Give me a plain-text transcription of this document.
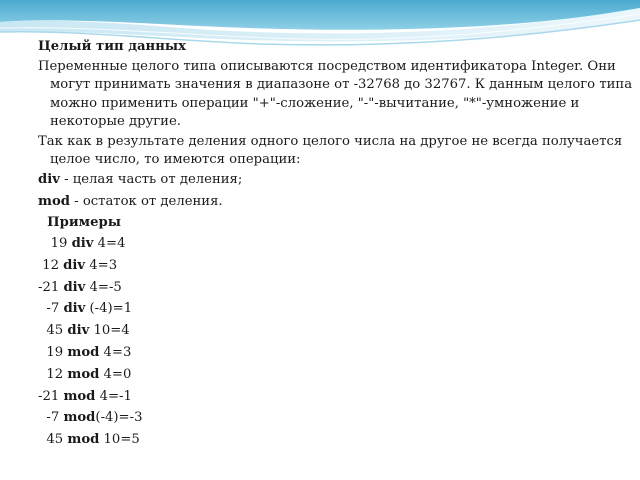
Целый тип данных
Переменные целого типа описываются посредством идентификатора Integer. Они могут принимать значения в диапазоне от -32768 до 32767. К данным целого типа можно применить операции "+"-сложение, "-"-вычитание, "*"-умножение и некоторые другие.
Так как в результате деления одного целого числа на другое не всегда получается целое число, то имеются операции:
div - целая часть от деления;
mod - остаток от деления.
Примеры
19 div 4=4
12 div 4=3
-21 div 4=-5
-7 div (-4)=1
45 div 10=4
19 mod 4=3
12 mod 4=0
-21 mod 4=-1
-7 mod(-4)=-3
45 mod 10=5
